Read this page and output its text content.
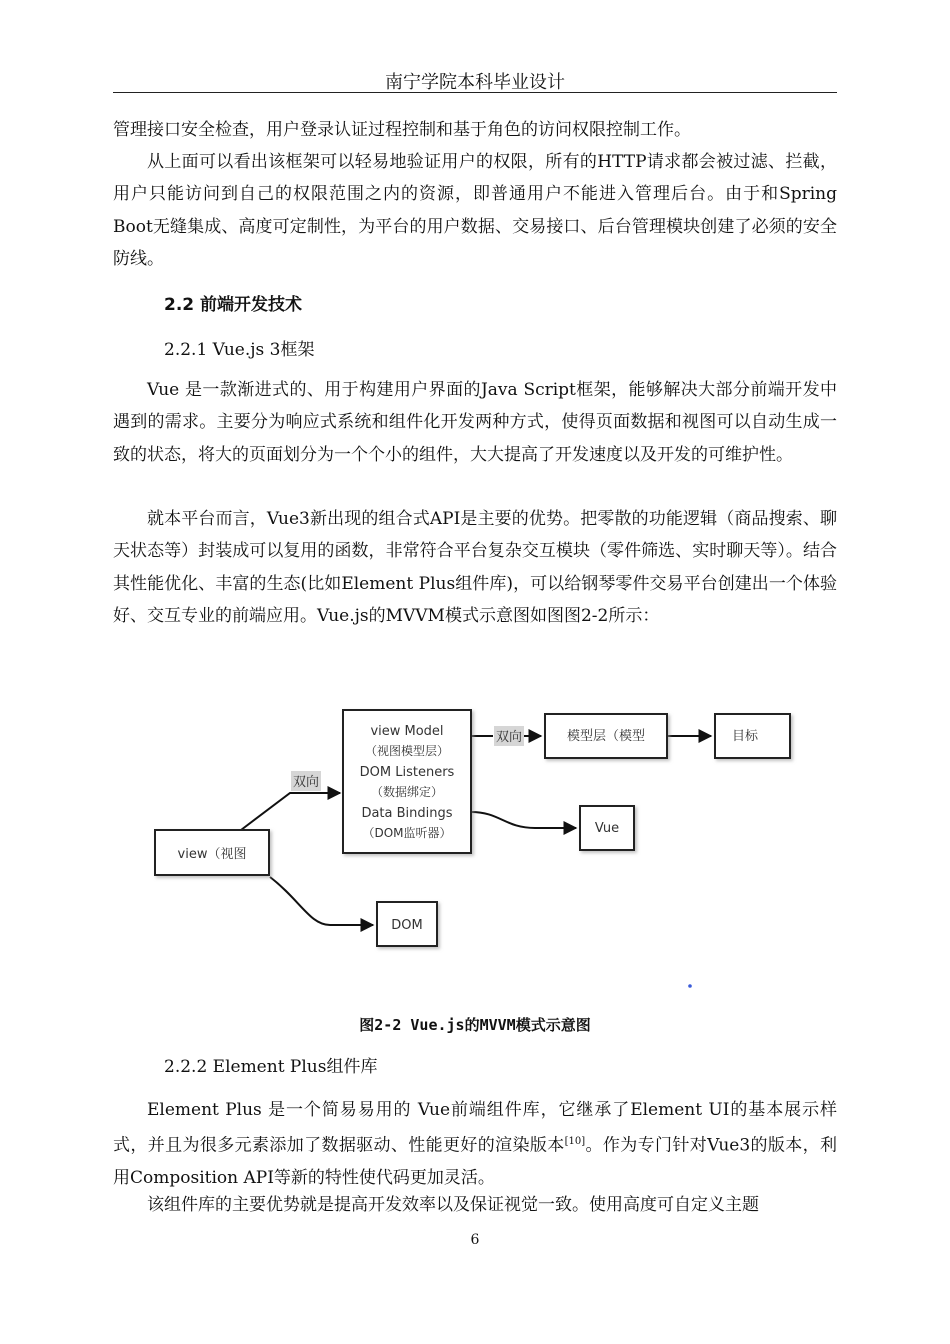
南宁学院本科毕业设计

管理接口安全检查，用户登录认证过程控制和基于角色的访问权限控制工作。

从上面可以看出该框架可以轻易地验证用户的权限，所有的HTTP请求都会被过滤、拦截，用户只能访问到自己的权限范围之内的资源，即普通用户不能进入管理后台。由于和Spring Boot无缝集成、高度可定制性，为平台的用户数据、交易接口、后台管理模块创建了必须的安全防线。

2.2 前端开发技术
2.2.1 Vue.js 3框架

Vue 是一款渐进式的、用于构建用户界面的Java Script框架，能够解决大部分前端开发中遇到的需求。主要分为响应式系统和组件化开发两种方式，使得页面数据和视图可以自动生成一致的状态，将大的页面划分为一个个小的组件，大大提高了开发速度以及开发的可维护性。

就本平台而言，Vue3新出现的组合式API是主要的优势。把零散的功能逻辑（商品搜索、聊天状态等）封装成可以复用的函数，非常符合平台复杂交互模块（零件筛选、实时聊天等）。结合其性能优化、丰富的生态(比如Element Plus组件库)，可以给钢琴零件交易平台创建出一个体验好、交互专业的前端应用。Vue.js的MVVM模式示意图如图图2-2所示：

双向
双向
view Model
（视图模型层）
DOM Listeners
（数据绑定）
Data Bindings
（DOM监听器）
view（视图
DOM
模型层（模型	目标
Vue
图2-2 Vue.js的MVVM模式示意图
2.2.2 Element Plus组件库

Element Plus 是一个简易易用的 Vue前端组件库，它继承了Element UI的基本展示样式，并且为很多元素添加了数据驱动、性能更好的渲染版本[10]。作为专门针对Vue3的版本，利用Composition API等新的特性使代码更加灵活。

该组件库的主要优势就是提高开发效率以及保证视觉一致。使用高度可自定义主题

6
